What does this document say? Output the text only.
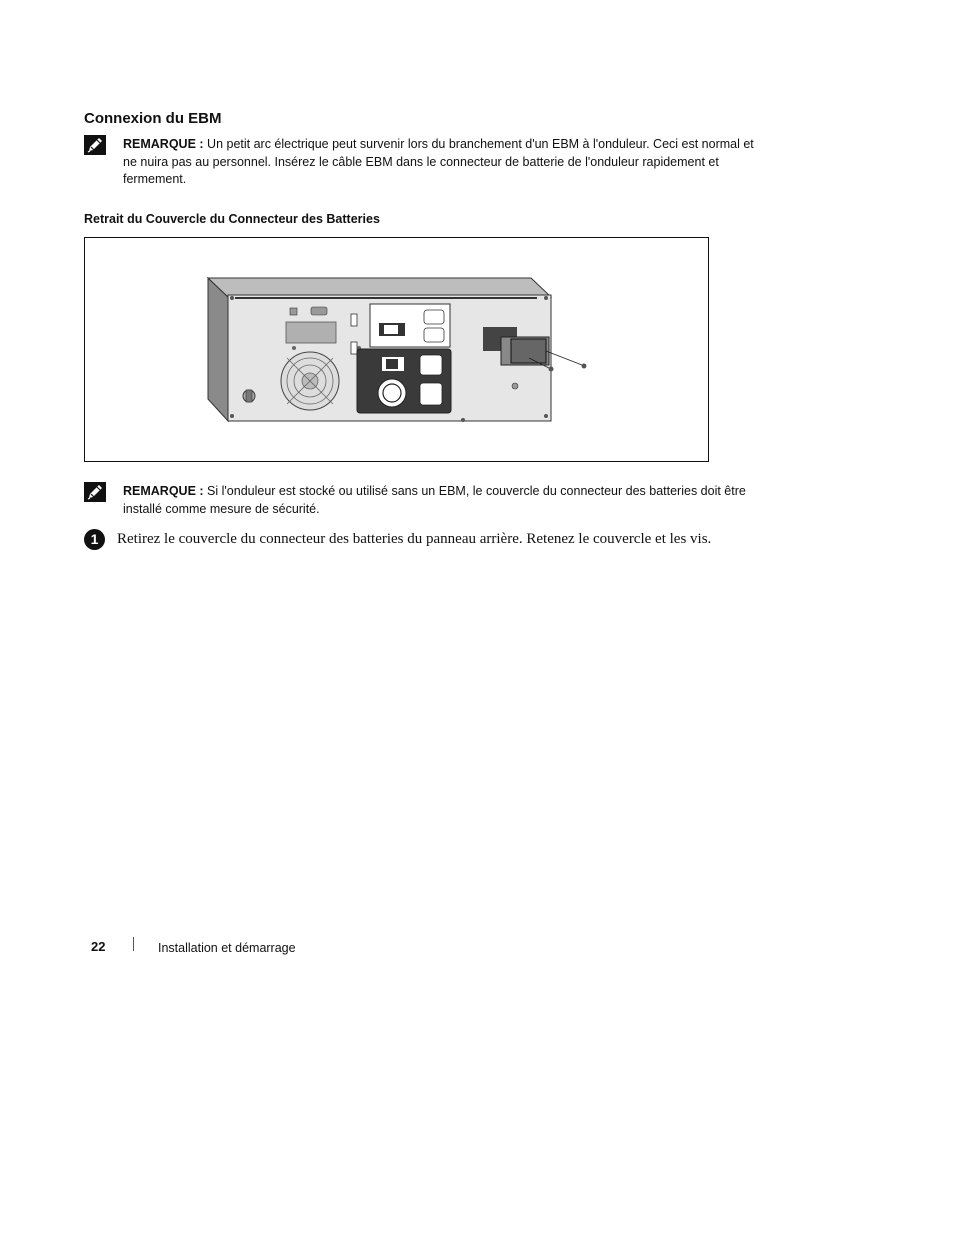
Connexion du EBM
REMARQUE : Un petit arc électrique peut survenir lors du branchement d'un EBM à l'onduleur. Ceci est normal et ne nuira pas au personnel. Insérez le câble EBM dans le connecteur de batterie de l'onduleur rapidement et fermement.
Retrait du Couvercle du Connecteur des Batteries
REMARQUE : Si l'onduleur est stocké ou utilisé sans un EBM, le couvercle du connecteur des batteries doit être installé comme mesure de sécurité.
1	Retirez le couvercle du connecteur des batteries du panneau arrière. Retenez le couvercle et les vis.
22	Installation et démarrage
